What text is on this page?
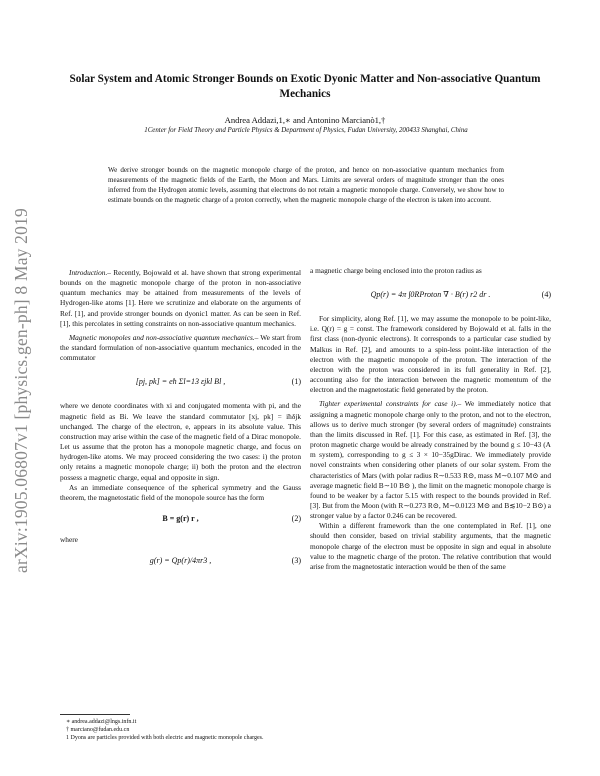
arXiv:1905.06807v1 [physics.gen-ph] 8 May 2019
Solar System and Atomic Stronger Bounds on Exotic Dyonic Matter and Non-associative Quantum Mechanics
Andrea Addazi,1,∗ and Antonino Marcianò1,†
1Center for Field Theory and Particle Physics & Department of Physics, Fudan University, 200433 Shanghai, China

We derive stronger bounds on the magnetic monopole charge of the proton, and hence on non-associative quantum mechanics from measurements of the magnetic fields of the Earth, the Moon and Mars. Limits are several orders of magnitude stronger than the ones inferred from the Hydrogen atomic levels, assuming that electrons do not retain a magnetic monopole charge. Conversely, we show how to estimate bounds on the magnetic charge of a proton correctly, when the magnetic monopole charge of the electron is taken into account.

Introduction.– Recently, Bojowald et al. have shown that strong experimental bounds on the magnetic monopole charge of the proton in non-associative quantum mechanics may be attained from measurements of the levels of Hydrogen-like atoms [1]. Here we scrutinize and elaborate on the arguments of Ref. [1], and provide stronger bounds on dyonic1 matter. As can be seen in Ref. [1], this percolates in setting constraints on non-associative quantum mechanics.

Magnetic monopoles and non-associative quantum mechanics.– We start from the standard formulation of non-associative quantum mechanics, encoded in the commutator

[pj, pk] = eħ Σl=13 εjkl Bl ,	(1)

where we denote coordinates with xi and conjugated momenta with pi, and the magnetic field as Bi. We leave the standard commutator [xj, pk] = iħδjk unchanged. The charge of the electron, e, appears in its absolute value. This construction may arise within the case of the magnetic field of a Dirac monopole. Let us assume that the proton has a monopole magnetic charge, and focus on hydrogen-like atoms. We may proceed considering the two cases: i) the proton only retains a magnetic monopole charge; ii) both the proton and the electron possess a magnetic charge, equal and opposite in sign.

As an immediate consequence of the spherical symmetry and the Gauss theorem, the magnetostatic field of the monopole source has the form

B = g(r) r ,	(2)

where

g(r) = Qp(r)/4πr3 ,	(3)
∗ andrea.addazi@lngs.infn.it
† marciano@fudan.edu.cn
1 Dyons are particles provided with both electric and magnetic monopole charges.

a magnetic charge being enclosed into the proton radius as

Qp(r) = 4π ∫0RProton ∇ · B(r) r2 dr .	(4)

For simplicity, along Ref. [1], we may assume the monopole to be point-like, i.e. Q(r) = g = const. The framework considered by Bojowald et al. falls in the first class (non-dyonic electrons). It corresponds to a particular case studied by Malkus in Ref. [2], and amounts to a spin-less point-like interaction of the electron with the magnetic monopole of the proton. The interaction of the electron with the proton was considered in its full generality in Ref. [2], accounting also for the interaction between the magnetic momentum of the electron and the magnetostatic field generated by the proton.

Tighter experimental constraints for case i).– We immediately notice that assigning a magnetic monopole charge only to the proton, and not to the electron, allows us to derive much stronger (by several orders of magnitude) constraints than the limits discussed in Ref. [1]. For this case, as estimated in Ref. [3], the proton magnetic charge would be already constrained by the bound g ≤ 10−43 (A m system), corresponding to g ≤ 3 × 10−35gDirac. We immediately provide novel constraints when considering other planets of our solar system. From the characteristics of Mars (with polar radius R∼0.533 R⊙, mass M∼0.107 M⊙ and average magnetic field B∼10 B⊙ ), the limit on the magnetic monopole charge is found to be weaker by a factor 5.15 with respect to the bounds provided in Ref. [3]. But from the Moon (with R∼0.273 R⊙, M∼0.0123 M⊙ and B≲10−2 B⊙) a stronger value by a factor 0.246 can be recovered.

Within a different framework than the one contemplated in Ref. [1], one should then consider, based on trivial stability arguments, that the magnetic monopole charge of the electron must be opposite in sign and equal in absolute value to the magnetic charge of the proton. The relative contribution that would arise from the magnetostatic interaction would be then of the same
